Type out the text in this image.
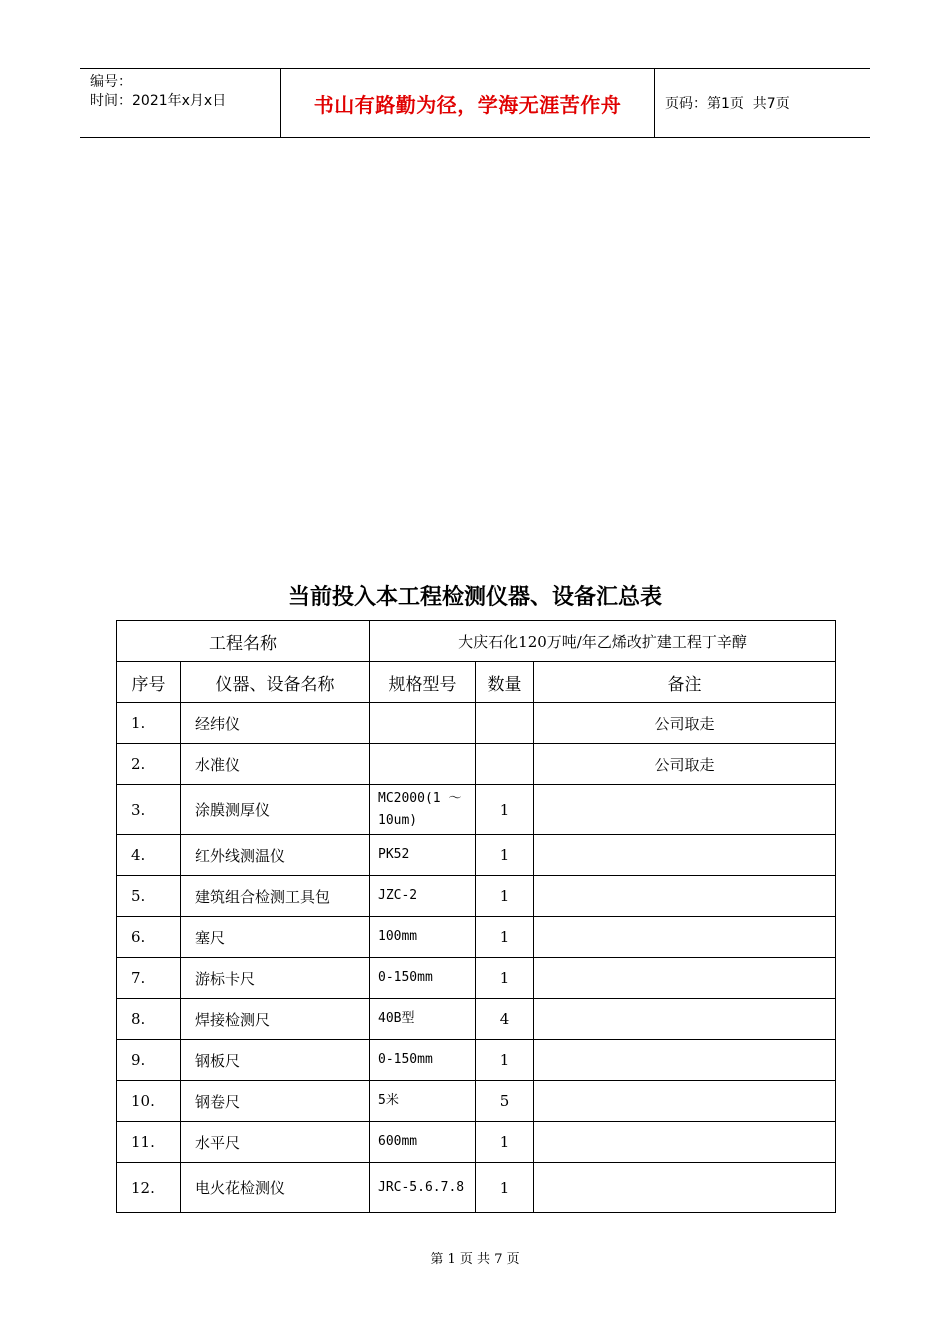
编号：
时间：2021年x月x日	书山有路勤为径，学海无涯苦作舟	页码：第1页  共7页
当前投入本工程检测仪器、设备汇总表
工程名称		大庆石化120万吨/年乙烯改扩建工程丁辛醇		
序号	仪器、设备名称	规格型号	数量	备注
1.	经纬仪			公司取走
2.	水准仪			公司取走
3.	涂膜测厚仪	MC2000(1 ～ 10um)	1	
4.	红外线测温仪	PK52	1	
5.	建筑组合检测工具包	JZC-2	1	
6.	塞尺	100mm	1	
7.	游标卡尺	0-150mm	1	
8.	焊接检测尺	40B型	4	
9.	钢板尺	0-150mm	1	
10.	钢卷尺	5米	5	
11.	水平尺	600mm	1	
12.	电火花检测仪	JRC-5.6.7.8	1	
第 1 页 共 7 页
